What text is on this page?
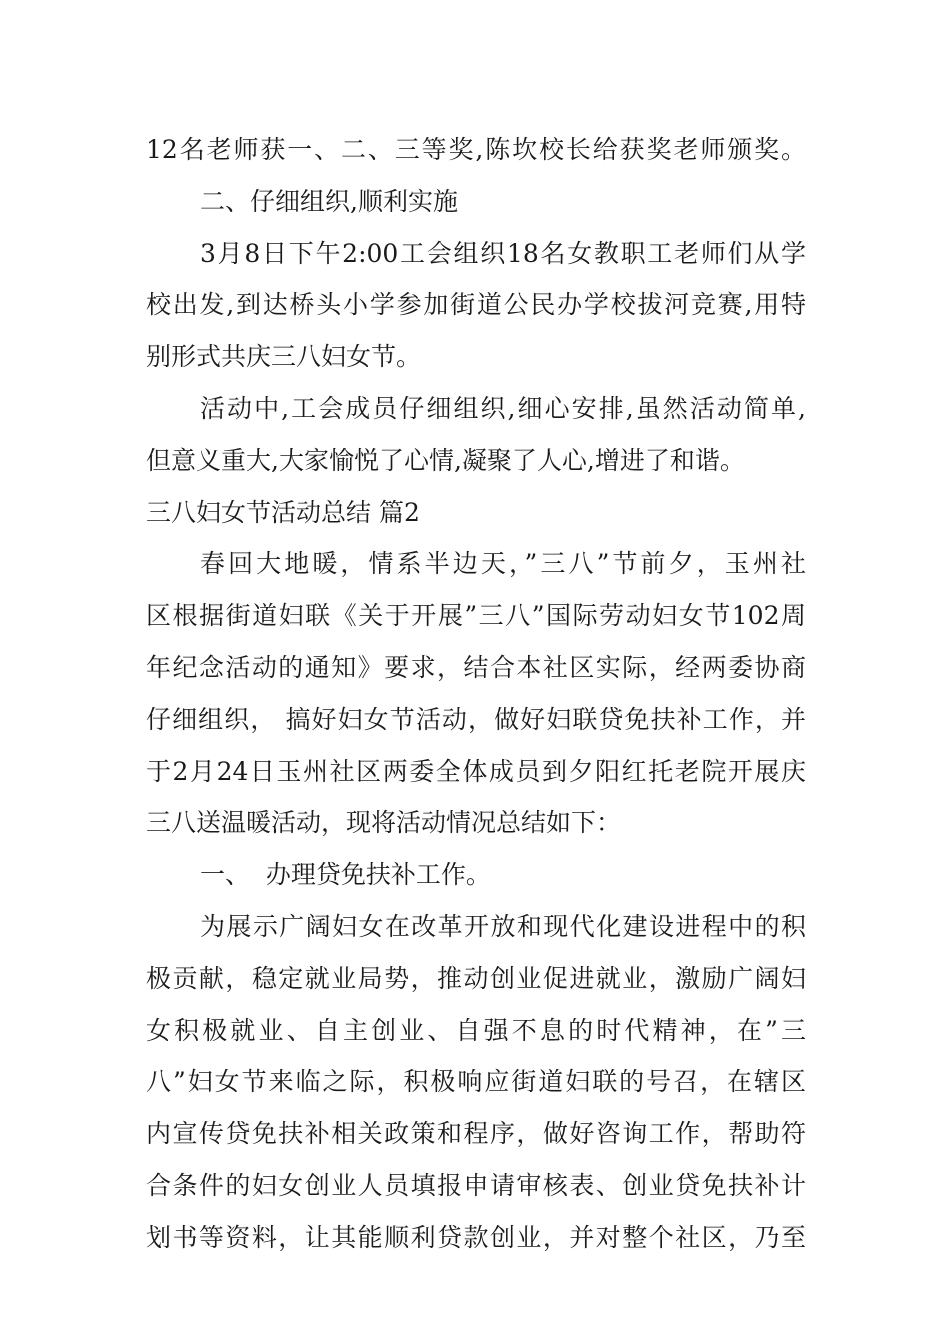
12名老师获一、二、三等奖,陈坎校长给获奖老师颁奖。
二、仔细组织,顺利实施
3月8日下午2:00工会组织18名女教职工老师们从学
校出发,到达桥头小学参加街道公民办学校拔河竞赛,用特
别形式共庆三八妇女节。
活动中,工会成员仔细组织,细心安排,虽然活动简单,
但意义重大,大家愉悦了心情,凝聚了人心,增进了和谐。
三八妇女节活动总结 篇2
春回大地暖，情系半边天，”三八”节前夕，玉州社
区根据街道妇联《关于开展”三八”国际劳动妇女节102周
年纪念活动的通知》要求，结合本社区实际，经两委协商
仔细组织， 搞好妇女节活动，做好妇联贷免扶补工作，并
于2月24日玉州社区两委全体成员到夕阳红托老院开展庆
三八送温暖活动，现将活动情况总结如下：
一、  办理贷免扶补工作。
为展示广阔妇女在改革开放和现代化建设进程中的积
极贡献，稳定就业局势，推动创业促进就业，激励广阔妇
女积极就业、自主创业、自强不息的时代精神，在”三
八”妇女节来临之际，积极响应街道妇联的号召，在辖区
内宣传贷免扶补相关政策和程序，做好咨询工作，帮助符
合条件的妇女创业人员填报申请审核表、创业贷免扶补计
划书等资料，让其能顺利贷款创业，并对整个社区，乃至
